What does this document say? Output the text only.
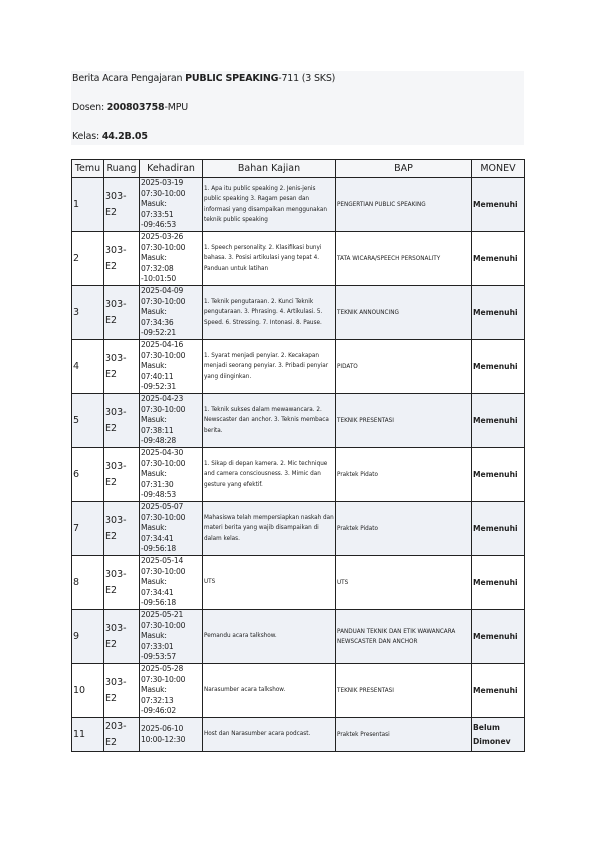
Berita Acara Pengajaran PUBLIC SPEAKING-711 (3 SKS)
Dosen: 200803758-MPU
Kelas: 44.2B.05
Temu	Ruang	Kehadiran	Bahan Kajian	BAP	MONEV
1	303-E2	2025-03-19
07:30-10:00
Masuk: 07:33:51
-09:46:53	1. Apa itu public speaking 2. Jenis-jenis public speaking 3. Ragam pesan dan informasi yang disampaikan menggunakan teknik public speaking	PENGERTIAN PUBLIC SPEAKING	Memenuhi
2	303-E2	2025-03-26
07:30-10:00
Masuk: 07:32:08
-10:01:50	1. Speech personality. 2. Klasifikasi bunyi bahasa. 3. Posisi artikulasi yang tepat 4. Panduan untuk latihan	TATA WICARA/SPEECH PERSONALITY	Memenuhi
3	303-E2	2025-04-09
07:30-10:00
Masuk: 07:34:36
-09:52:21	1. Teknik pengutaraan. 2. Kunci Teknik pengutaraan. 3. Phrasing. 4. Artikulasi. 5. Speed. 6. Stressing. 7. Intonasi. 8. Pause.	TEKNIK ANNOUNCING	Memenuhi
4	303-E2	2025-04-16
07:30-10:00
Masuk: 07:40:11
-09:52:31	1. Syarat menjadi penyiar. 2. Kecakapan menjadi seorang penyiar. 3. Pribadi penyiar yang diinginkan.	PIDATO	Memenuhi
5	303-E2	2025-04-23
07:30-10:00
Masuk: 07:38:11
-09:48:28	1. Teknik sukses dalam mewawancara. 2. Newscaster dan anchor. 3. Teknis membaca berita.	TEKNIK PRESENTASI	Memenuhi
6	303-E2	2025-04-30
07:30-10:00
Masuk: 07:31:30
-09:48:53	1. Sikap di depan kamera. 2. Mic technique and camera consciousness. 3. Mimic dan gesture yang efektif.	Praktek Pidato	Memenuhi
7	303-E2	2025-05-07
07:30-10:00
Masuk: 07:34:41
-09:56:18	Mahasiswa telah mempersiapkan naskah dan materi berita yang wajib disampaikan di dalam kelas.	Praktek Pidato	Memenuhi
8	303-E2	2025-05-14
07:30-10:00
Masuk: 07:34:41
-09:56:18	UTS	UTS	Memenuhi
9	303-E2	2025-05-21
07:30-10:00
Masuk: 07:33:01
-09:53:57	Pemandu acara talkshow.	PANDUAN TEKNIK DAN ETIK WAWANCARA NEWSCASTER DAN ANCHOR	Memenuhi
10	303-E2	2025-05-28
07:30-10:00
Masuk: 07:32:13
-09:46:02	Narasumber acara talkshow.	TEKNIK PRESENTASI	Memenuhi
11	203-E2	2025-06-10
10:00-12:30	Host dan Narasumber acara podcast.	Praktek Presentasi	Belum Dimonev
